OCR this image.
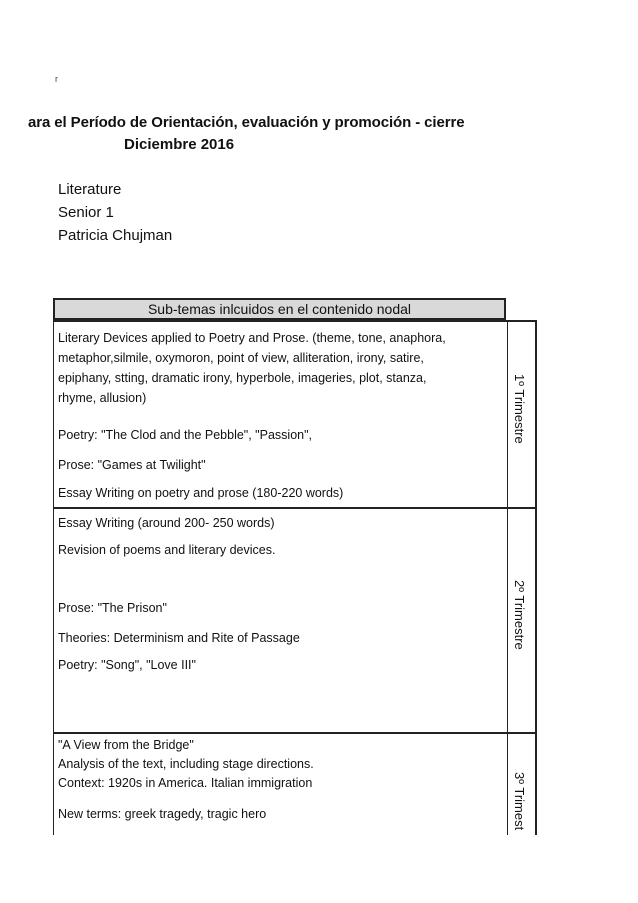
r
ara el Período de Orientación, evaluación y promoción - cierre
Diciembre 2016
Literature
Senior 1
Patricia Chujman
Sub-temas inlcuidos en el contenido nodal
Literary Devices applied to Poetry and Prose. (theme, tone, anaphora,
metaphor,silmile, oxymoron, point of view, alliteration, irony, satire,
epiphany, stting, dramatic irony, hyperbole, imageries, plot, stanza,
rhyme, allusion)
Poetry: "The Clod and the Pebble", "Passion",
Prose: "Games at Twilight"
Essay Writing on poetry and prose (180-220 words)
1º Trimestre
Essay Writing (around 200- 250 words)
Revision of poems and literary devices.
Prose: "The Prison"
Theories: Determinism and Rite of Passage
Poetry: "Song", "Love III"
2º Trimestre
"A View from the Bridge"
Analysis of the text, including stage directions.
Context: 1920s in America. Italian immigration
New terms: greek tragedy, tragic hero	3º Trimest
